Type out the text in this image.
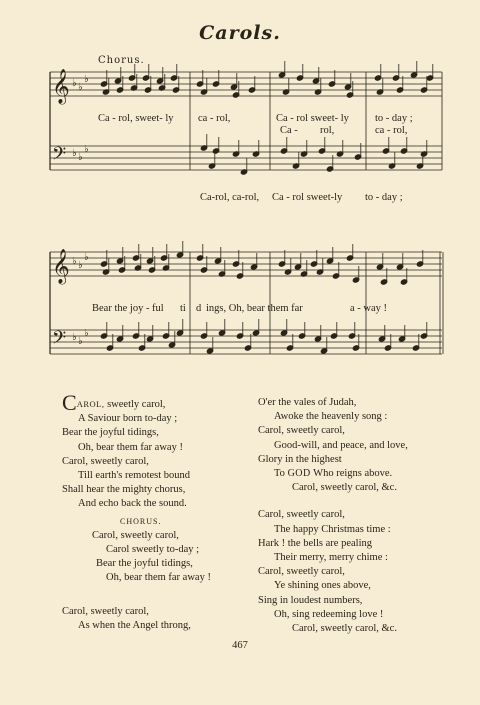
Carols.
Chorus.
𝄞
𝄢
♭ ♭
♭
♭ ♭
♭
𝄞
𝄢
♭ ♭
♭
♭ ♭
♭
Ca - rol, sweet- ly ca - rol,	Ca - rol sweet- ly to - day ;
Ca - rol,	ca - rol,
Ca-rol, ca-rol, Ca - rol sweet-ly to - day ;
Bear the joy - ful ti d ings, Oh, bear them far	a - way !
CAROL, sweetly carol,
A Saviour born to-day ;
Bear the joyful tidings,
Oh, bear them far away !
Carol, sweetly carol,
Till earth's remotest bound
Shall hear the mighty chorus,
And echo back the sound.
CHORUS.
Carol, sweetly carol,
Carol sweetly to-day ;
Bear the joyful tidings,
Oh, bear them far away !
Carol, sweetly carol,
As when the Angel throng,
O'er the vales of Judah,
Awoke the heavenly song :
Carol, sweetly carol,
Good-will, and peace, and love,
Glory in the highest
To GOD Who reigns above.
Carol, sweetly carol, &c.
Carol, sweetly carol,
The happy Christmas time :
Hark ! the bells are pealing
Their merry, merry chime :
Carol, sweetly carol,
Ye shining ones above,
Sing in loudest numbers,
Oh, sing redeeming love !
Carol, sweetly carol, &c.
467
